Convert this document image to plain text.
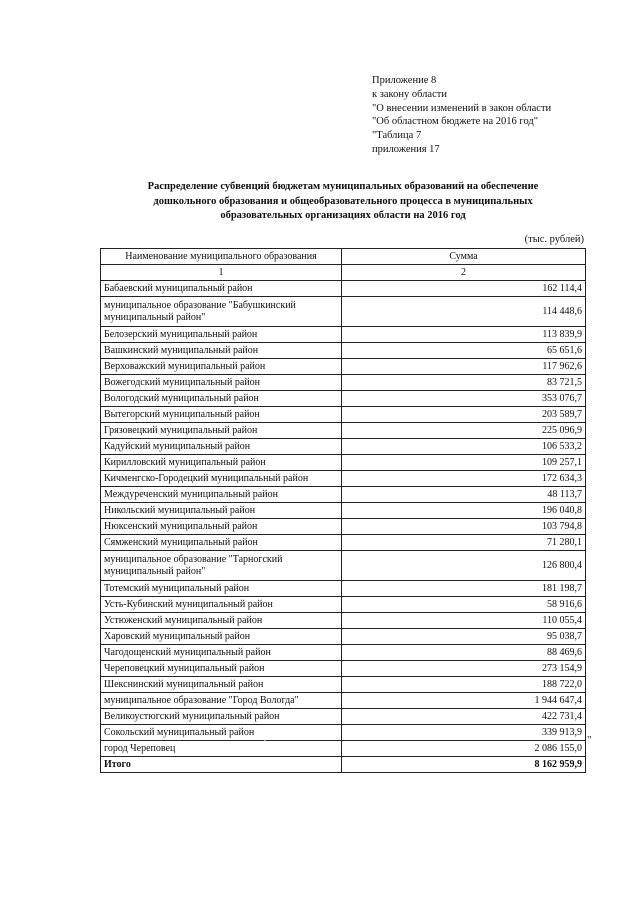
Приложение 8
к закону области
"О внесении изменений в закон области
"Об областном бюджете на 2016 год"
"Таблица 7
приложения 17
Распределение субвенций бюджетам муниципальных образований на обеспечение
дошкольного образования и общеобразовательного процесса в муниципальных
образовательных организациях области на 2016 год
(тыс. рублей)
Наименование муниципального образования	Сумма
1	2
Бабаевский муниципальный район	162 114,4
муниципальное образование "Бабушкинский муниципальный район"	114 448,6
Белозерский муниципальный район	113 839,9
Вашкинский муниципальный район	65 651,6
Верховажский муниципальный район	117 962,6
Вожегодский муниципальный район	83 721,5
Вологодский муниципальный район	353 076,7
Вытегорский муниципальный район	203 589,7
Грязовецкий муниципальный район	225 096,9
Кадуйский муниципальный район	106 533,2
Кирилловский муниципальный район	109 257,1
Кичменгско-Городецкий муниципальный район	172 634,3
Междуреченский муниципальный район	48 113,7
Никольский муниципальный район	196 040,8
Нюксенский муниципальный район	103 794,8
Сямженский муниципальный район	71 280,1
муниципальное образование "Тарногский муниципальный район"	126 800,4
Тотемский муниципальный район	181 198,7
Усть-Кубинский муниципальный район	58 916,6
Устюженский муниципальный район	110 055,4
Харовский муниципальный район	95 038,7
Чагодощенский муниципальный район	88 469,6
Череповецкий муниципальный район	273 154,9
Шекснинский муниципальный район	188 722,0
муниципальное образование "Город Вологда"	1 944 647,4
Великоустюгский муниципальный район	422 731,4
Сокольский муниципальный район	339 913,9
город Череповец	2 086 155,0
Итого	8 162 959,9
"
